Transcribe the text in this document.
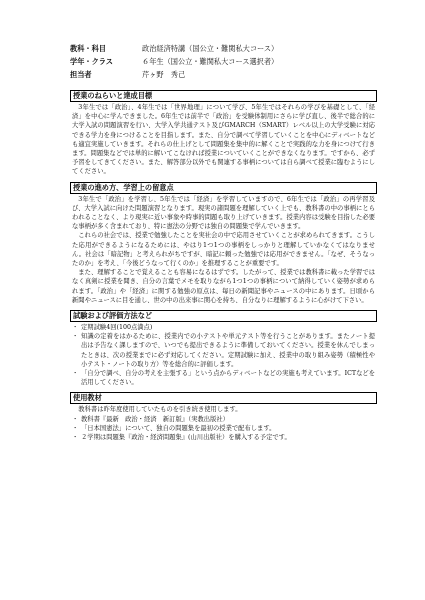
教科・科目	政治経済特講（国公立・難関私大コース）
学年・クラス	６年生（国公立・難関私大コース選択者）
担当者	芹ヶ野　秀己
授業のねらいと達成目標

3年生では「政治」、4年生では「世界地理」について学び、5年生ではそれらの学びを基礎として、「経済」を中心に学んできました。6年生では前半で「政治」を受験体制用にさらに学び直し、後半で総合的に大学入試の問題演習を行い、大学入学共通テスト及びGMARCH（SMART）レベル以上の大学受験に対応できる学力を身につけることを目指します。また、自分で調べて学習していくことを中心にディベートなども適宜実施していきます。それらの仕上げとして問題集を集中的に解くことで実践的な力を身につけて行きます。問題集などでは単的に解いてこなければ授業についていくことができなくなります。ですから、必ず予習をしてきてください。また、解答部分以外でも関連する事柄については自ら調べて授業に臨むようにしてください。

授業の進め方、学習上の留意点

3年生で「政治」を学習し、5年生では「経済」を学習していますので、6年生では「政治」の再学習及び、大学入試に向けた問題演習となります。現実の諸問題を理解していく上でも、教科書の中の事柄にとらわれることなく、より現実に近い事象や時事的問題も取り上げていきます。授業内容は受験を目指した必要な事柄が多く含まれており、特に憲法の分野では独自の問題集で学んでいきます。

これらの社会では、授業で勉強したことを実社会の中で応用させていくことが求められてきます。こうした応用ができるようになるためには、やはり1つ1つの事柄をしっかりと理解していかなくてはなりません。社会は「暗記物」と考えられがちですが、暗記に頼った勉強では応用ができません。「なぜ、そうなったのか」を考え、「今後どうなって行くのか」を推理することが重要です。

また、理解することで覚えることも容易になるはずです。したがって、授業では教科書に載った学習ではなく真剣に授業を聞き、自分の言葉でメモを取りながら1つ1つの事柄について納得していく姿勢が求められます。「政治」や「経済」に関する勉強の原点は、毎日の新聞記事やニュースの中にあります。日頃から新聞やニュースに目を通し、世の中の出来事に関心を持ち、自分なりに理解するように心がけて下さい。

試験および評価方法など
・ 定期試験4回(100点満点)
・ 知識の定着をはかるために、授業内での小テストや単元テスト等を行うことがあります。またノート提出は予告なく課しますので、いつでも提出できるように準備しておいてください。授業を休んでしまったときは、次の授業までに必ず対応してください。定期試験に加え、授業中の取り組み姿勢（積極性や小テスト・ノートの取り方）等を総合的に評価します。
・ 「自分で調べ、自分の考えを主張する」という点からディベートなどの実施も考えています。ICTなどを活用してください。
使用教材

教科書は昨年度使用していたものを引き続き使用します。

・ 教科書『最新　政治・経済　新訂版』（実教出版社）
・ 「日本国憲法」について、独自の問題集を最初の授業で配布します。
・ ２学期は問題集『政治・経済問題集』(山川出版社）を購入する予定です。
